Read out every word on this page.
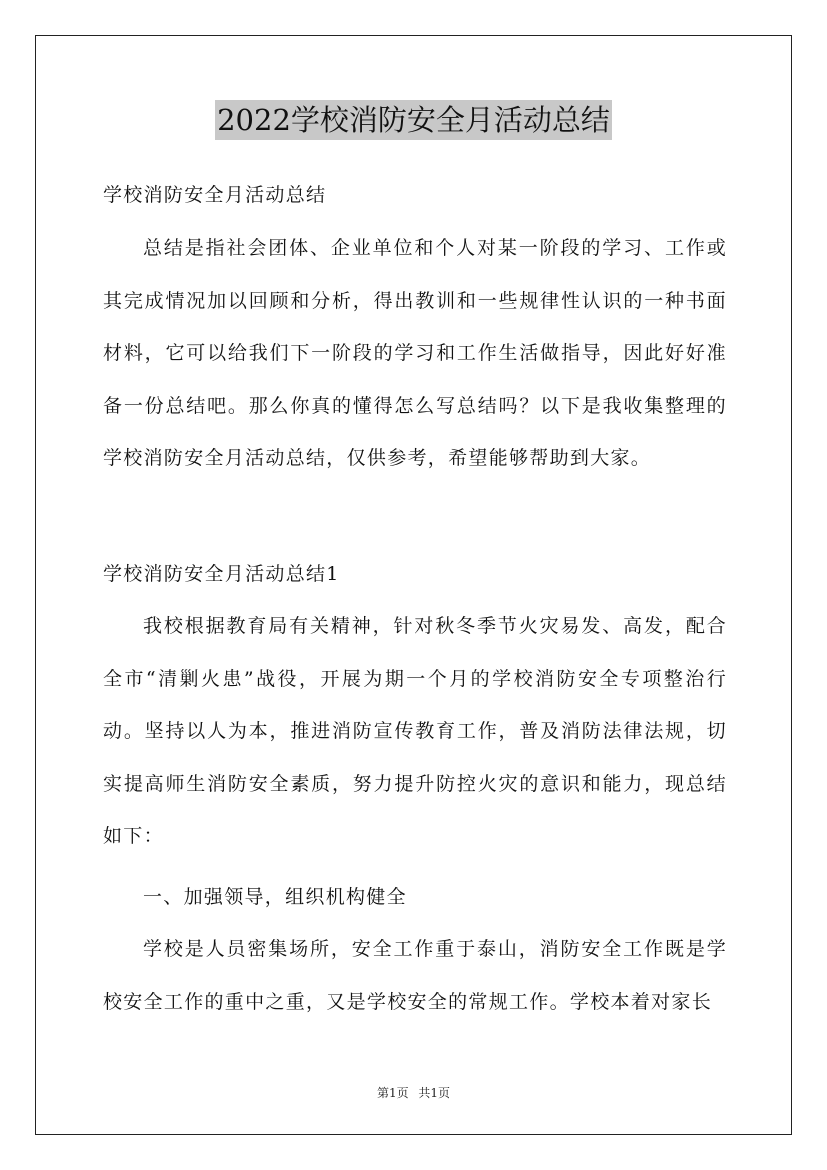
2022学校消防安全月活动总结
学校消防安全月活动总结
总结是指社会团体、企业单位和个人对某一阶段的学习、工作或其完成情况加以回顾和分析，得出教训和一些规律性认识的一种书面材料，它可以给我们下一阶段的学习和工作生活做指导，因此好好准备一份总结吧。那么你真的懂得怎么写总结吗？以下是我收集整理的学校消防安全月活动总结，仅供参考，希望能够帮助到大家。
学校消防安全月活动总结1
我校根据教育局有关精神，针对秋冬季节火灾易发、高发，配合全市“清剿火患”战役，开展为期一个月的学校消防安全专项整治行动。坚持以人为本，推进消防宣传教育工作，普及消防法律法规，切实提高师生消防安全素质，努力提升防控火灾的意识和能力，现总结如下：
一、加强领导，组织机构健全
学校是人员密集场所，安全工作重于泰山，消防安全工作既是学校安全工作的重中之重，又是学校安全的常规工作。学校本着对家长
第1页 共1页
